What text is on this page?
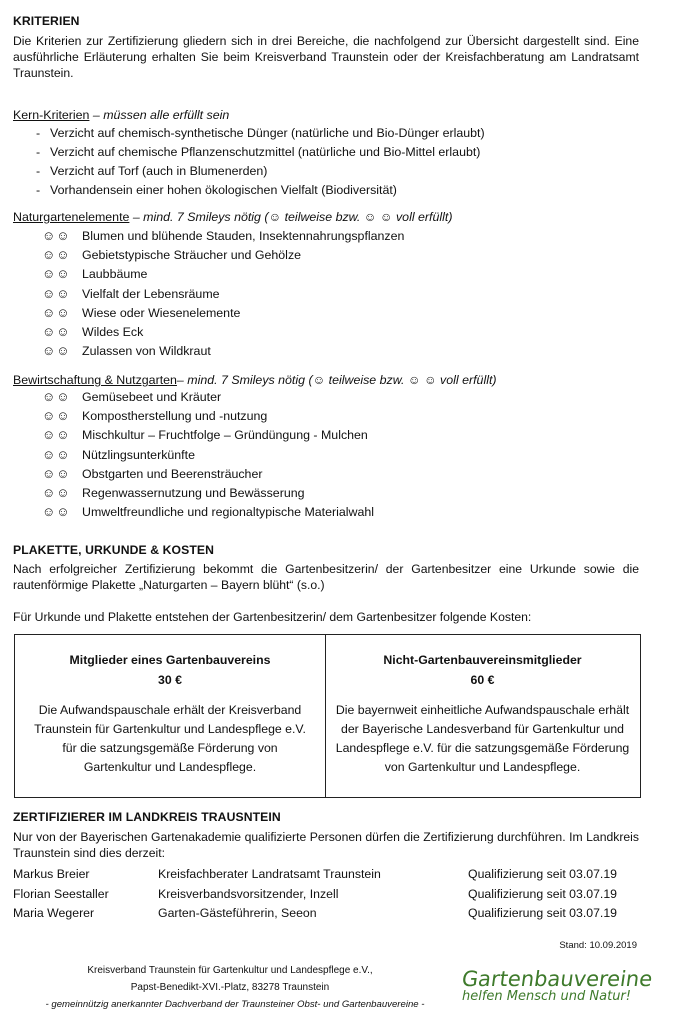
KRITERIEN
Die Kriterien zur Zertifizierung gliedern sich in drei Bereiche, die nachfolgend zur Übersicht dargestellt sind. Eine ausführliche Erläuterung erhalten Sie beim Kreisverband Traunstein oder der Kreisfachberatung am Landratsamt Traunstein.
Kern-Kriterien – müssen alle erfüllt sein
- Verzicht auf chemisch-synthetische Dünger (natürliche und Bio-Dünger erlaubt)
- Verzicht auf chemische Pflanzenschutzmittel (natürliche und Bio-Mittel erlaubt)
- Verzicht auf Torf (auch in Blumenerden)
- Vorhandensein einer hohen ökologischen Vielfalt (Biodiversität)
Naturgartenelemente – mind. 7 Smileys nötig (☺ teilweise bzw. ☺ ☺ voll erfüllt)
☺☺ Blumen und blühende Stauden, Insektennahrungspflanzen
☺☺ Gebietstypische Sträucher und Gehölze
☺☺ Laubbäume
☺☺ Vielfalt der Lebensräume
☺☺ Wiese oder Wiesenelemente
☺☺ Wildes Eck
☺☺ Zulassen von Wildkraut
Bewirtschaftung & Nutzgarten– mind. 7 Smileys nötig (☺ teilweise bzw. ☺ ☺ voll erfüllt)
☺☺ Gemüsebeet und Kräuter
☺☺ Kompostherstellung und -nutzung
☺☺ Mischkultur – Fruchtfolge – Gründüngung - Mulchen
☺☺ Nützlingsunterkünfte
☺☺ Obstgarten und Beerensträucher
☺☺ Regenwassernutzung und Bewässerung
☺☺ Umweltfreundliche und regionaltypische Materialwahl
PLAKETTE, URKUNDE & KOSTEN
Nach erfolgreicher Zertifizierung bekommt die Gartenbesitzerin/ der Gartenbesitzer eine Urkunde sowie die rautenförmige Plakette „Naturgarten – Bayern blüht“ (s.o.)
Für Urkunde und Plakette entstehen der Gartenbesitzerin/ dem Gartenbesitzer folgende Kosten:
Mitglieder eines Gartenbauvereins
30 €
Die Aufwandspauschale erhält der Kreisverband Traunstein für Gartenkultur und Landespflege e.V. für die satzungsgemäße Förderung von Gartenkultur und Landespflege.
Nicht-Gartenbauvereinsmitglieder
60 €
Die bayernweit einheitliche Aufwandspauschale erhält der Bayerische Landesverband für Gartenkultur und Landespflege e.V. für die satzungsgemäße Förderung von Gartenkultur und Landespflege.
ZERTIFIZIERER IM LANDKREIS TRAUSNTEIN
Nur von der Bayerischen Gartenakademie qualifizierte Personen dürfen die Zertifizierung durchführen. Im Landkreis Traunstein sind dies derzeit:
Markus Breier	Kreisfachberater Landratsamt Traunstein	Qualifizierung seit 03.07.19
Florian Seestaller	Kreisverbandsvorsitzender, Inzell	Qualifizierung seit 03.07.19
Maria Wegerer	Garten-Gästeführerin, Seeon	Qualifizierung seit 03.07.19
Stand: 10.09.2019
Kreisverband Traunstein für Gartenkultur und Landespflege e.V.,
Papst-Benedikt-XVI.-Platz, 83278 Traunstein
- gemeinnützig anerkannter Dachverband der Traunsteiner Obst- und Gartenbauvereine -
Gartenbauvereine
helfen Mensch und Natur!
